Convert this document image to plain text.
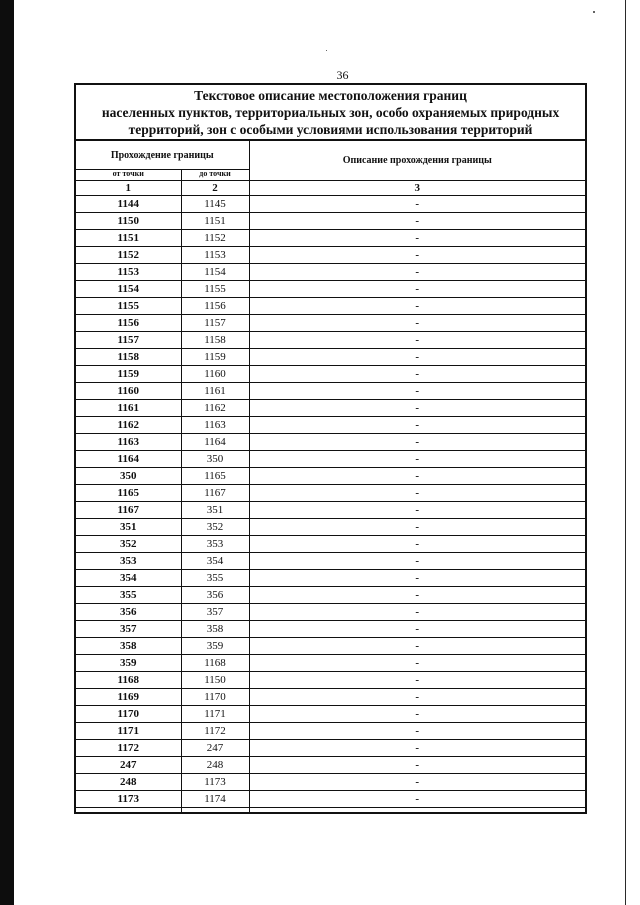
36
Текстовое описание местоположения границ
населенных пунктов, территориальных зон, особо охраняемых природных
территорий, зон с особыми условиями использования территорий		

Прохождение границы		Описание прохождения границы
от точки	до точки	
1	2	3
1144	1145	-
1150	1151	-
1151	1152	-
1152	1153	-
1153	1154	-
1154	1155	-
1155	1156	-
1156	1157	-
1157	1158	-
1158	1159	-
1159	1160	-
1160	1161	-
1161	1162	-
1162	1163	-
1163	1164	-
1164	350	-
350	1165	-
1165	1167	-
1167	351	-
351	352	-
352	353	-
353	354	-
354	355	-
355	356	-
356	357	-
357	358	-
358	359	-
359	1168	-
1168	1150	-
1169	1170	-
1170	1171	-
1171	1172	-
1172	247	-
247	248	-
248	1173	-
1173	1174	-
